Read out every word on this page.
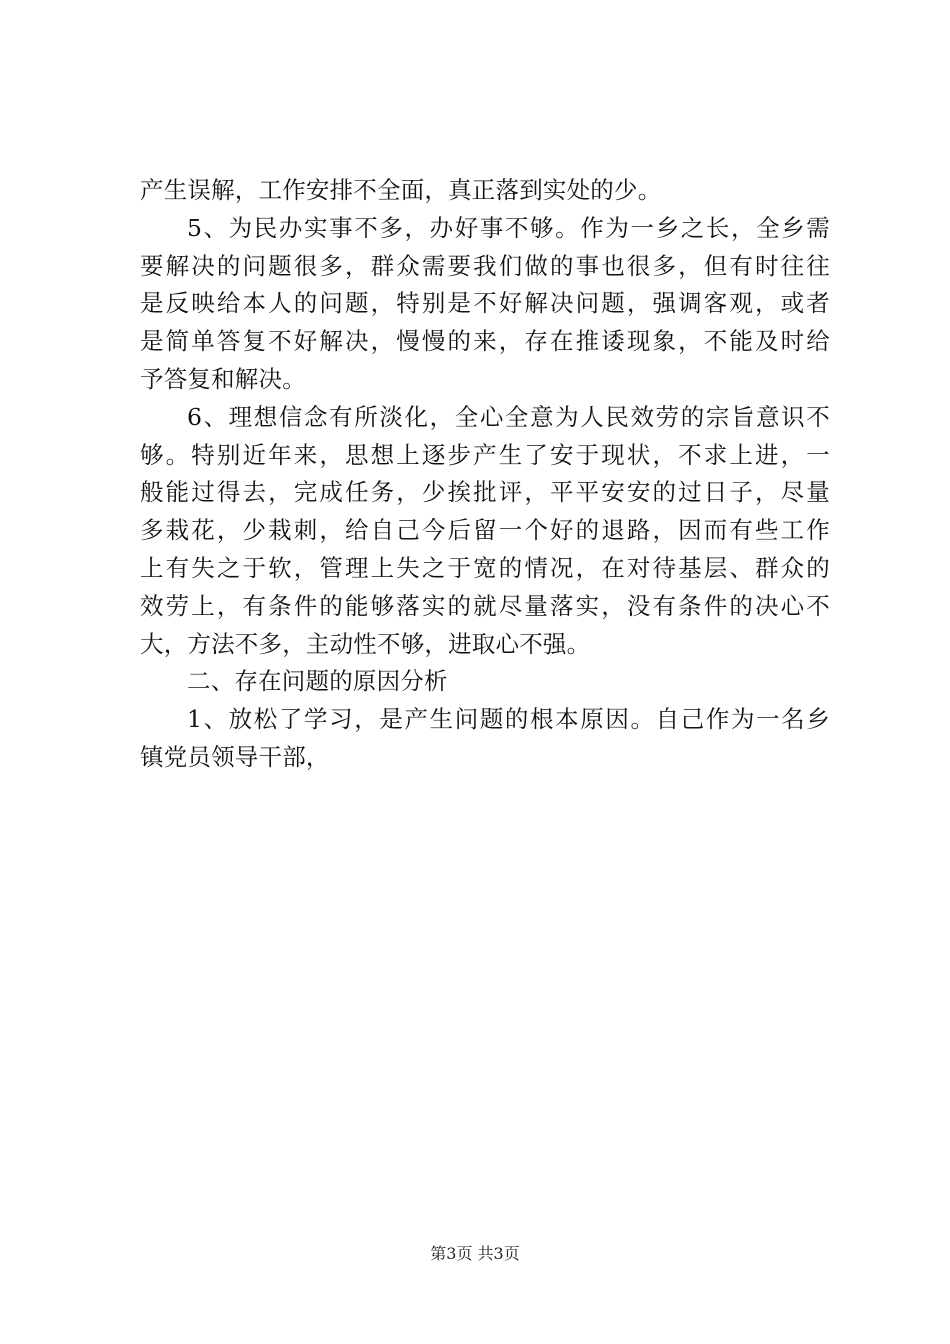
产生误解，工作安排不全面，真正落到实处的少。
5、为民办实事不多，办好事不够。作为一乡之长，全乡需
要解决的问题很多，群众需要我们做的事也很多，但有时往往
是反映给本人的问题，特别是不好解决问题，强调客观，或者
是简单答复不好解决，慢慢的来，存在推诿现象，不能及时给
予答复和解决。
6、理想信念有所淡化，全心全意为人民效劳的宗旨意识不
够。特别近年来，思想上逐步产生了安于现状，不求上进，一
般能过得去，完成任务，少挨批评，平平安安的过日子，尽量
多栽花，少栽刺，给自己今后留一个好的退路，因而有些工作
上有失之于软，管理上失之于宽的情况，在对待基层、群众的
效劳上，有条件的能够落实的就尽量落实，没有条件的决心不
大，方法不多，主动性不够，进取心不强。
二、存在问题的原因分析
1、放松了学习，是产生问题的根本原因。自己作为一名乡
镇党员领导干部，
第3页 共3页
